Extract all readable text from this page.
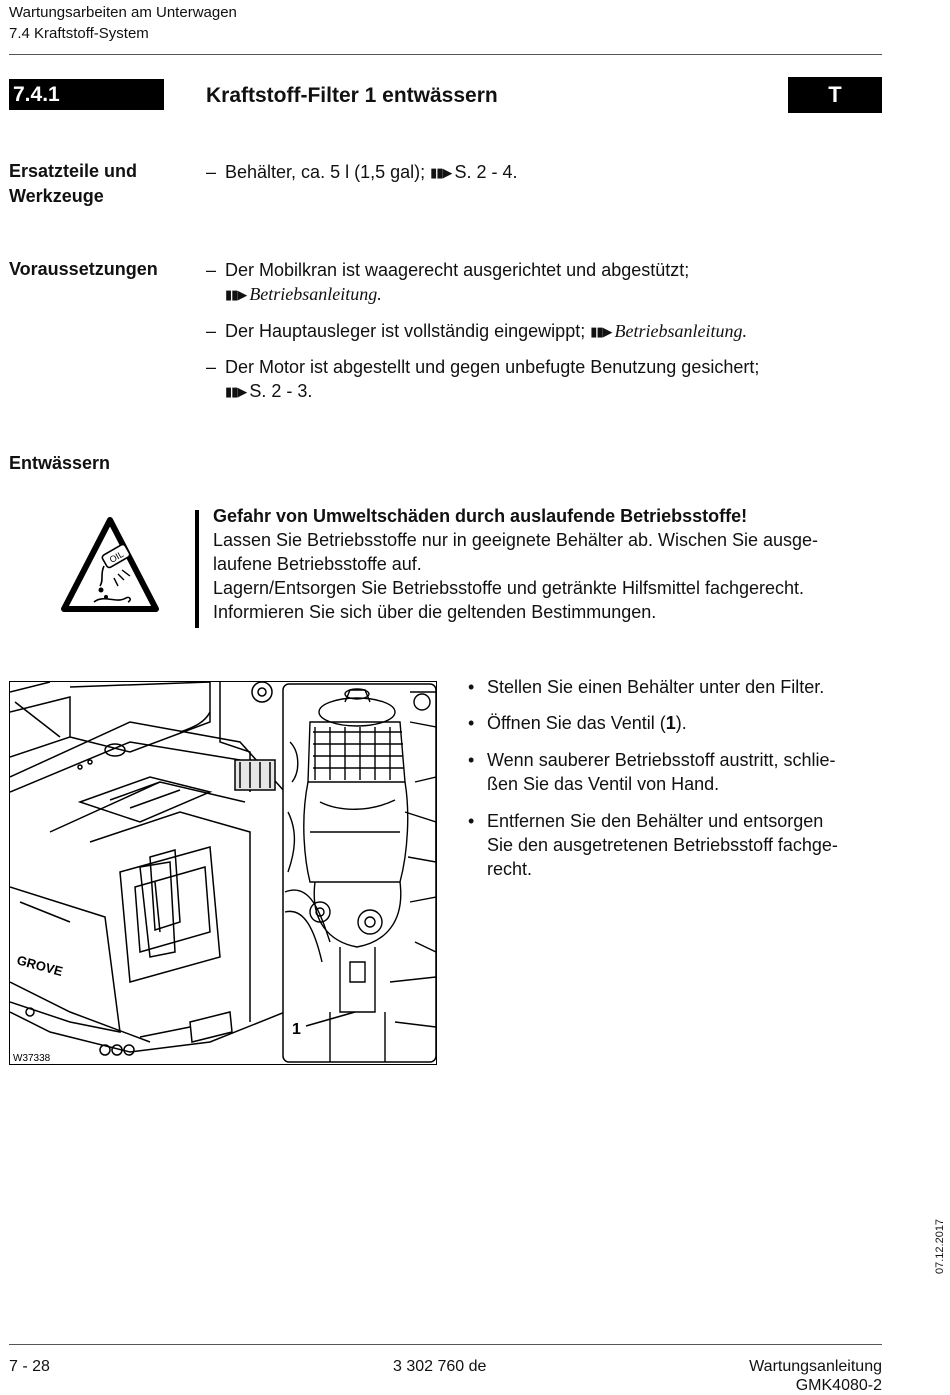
Wartungsarbeiten am Unterwagen
7.4 Kraftstoff-System
7.4.1	Kraftstoff-Filter 1 entwässern	T
Ersatzteile und
Werkzeuge
– Behälter, ca. 5 l (1,5 gal); ▮▮▶ S. 2 - 4.
Voraussetzungen	– Der Mobilkran ist waagerecht ausgerichtet und abgestützt;
▮▮▶ Betriebsanleitung.
– Der Hauptausleger ist vollständig eingewippt; ▮▮▶ Betriebsanleitung.
– Der Motor ist abgestellt und gegen unbefugte Benutzung gesichert;
▮▮▶ S. 2 - 3.
Entwässern
OIL
Gefahr von Umweltschäden durch auslaufende Betriebsstoffe!
Lassen Sie Betriebsstoffe nur in geeignete Behälter ab. Wischen Sie ausge-
laufene Betriebsstoffe auf.
Lagern/Entsorgen Sie Betriebsstoffe und getränkte Hilfsmittel fachgerecht.
Informieren Sie sich über die geltenden Bestimmungen.
GROVE
1
W37338
• Stellen Sie einen Behälter unter den Filter.
• Öffnen Sie das Ventil (1).
• Wenn sauberer Betriebsstoff austritt, schlie-
ßen Sie das Ventil von Hand.
• Entfernen Sie den Behälter und entsorgen
Sie den ausgetretenen Betriebsstoff fachge-
recht.
07.12.2017
7 - 28	3 302 760 de	Wartungsanleitung
GMK4080-2
